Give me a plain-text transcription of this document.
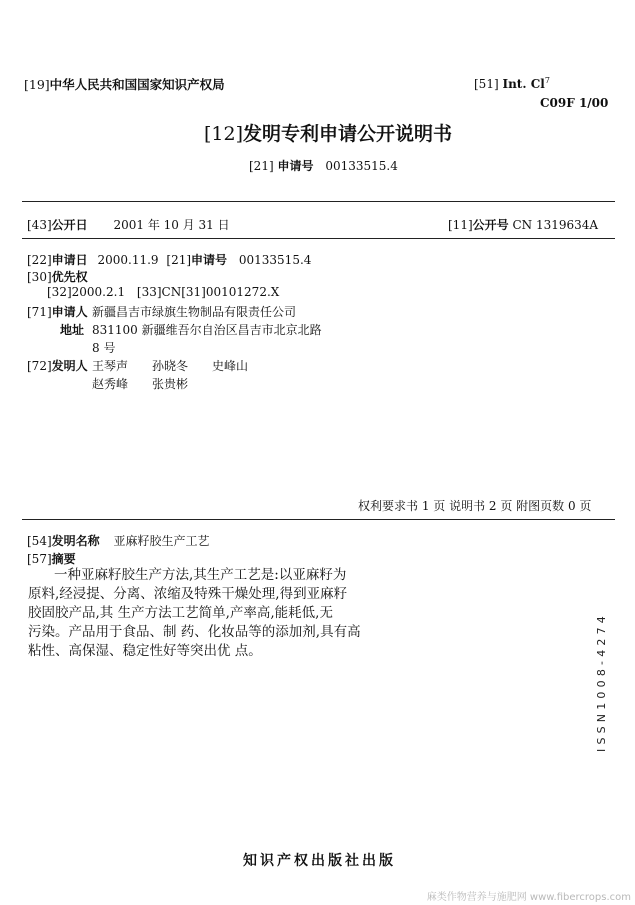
[19]中华人民共和国国家知识产权局	[51] Int. Cl$^7$
C09F 1/00
[12]发明专利申请公开说明书
[21] 申请号 00133515.4
[43]公开日 2001 年 10 月 31 日	[11]公开号 CN 1319634A
[22]申请日 2000.11.9 [21]申请号 00133515.4
[30]优先权
[32]2000.2.1 [33]CN[31]00101272.X
[71]申请人 新疆昌吉市绿旗生物制品有限责任公司
地址 831100 新疆维吾尔自治区昌吉市北京北路
8 号
[72]发明人 王琴声　　孙晓冬　　史峰山
赵秀峰　　张贵彬
权利要求书 1 页 说明书 2 页 附图页数 0 页
[54]发明名称 亚麻籽胶生产工艺
[57]摘要
一种亚麻籽胶生产方法,其生产工艺是:以亚麻籽为
原料,经浸提、分离、浓缩及特殊干燥处理,得到亚麻籽
胶固胶产品,其 生产方法工艺简单,产率高,能耗低,无
污染。产品用于食品、制 药、化妆品等的添加剂,具有高
粘性、高保湿、稳定性好等突出优 点。	ISSN1008-4274
知识产权出版社出版
麻类作物营养与施肥网 www.fibercrops.com
